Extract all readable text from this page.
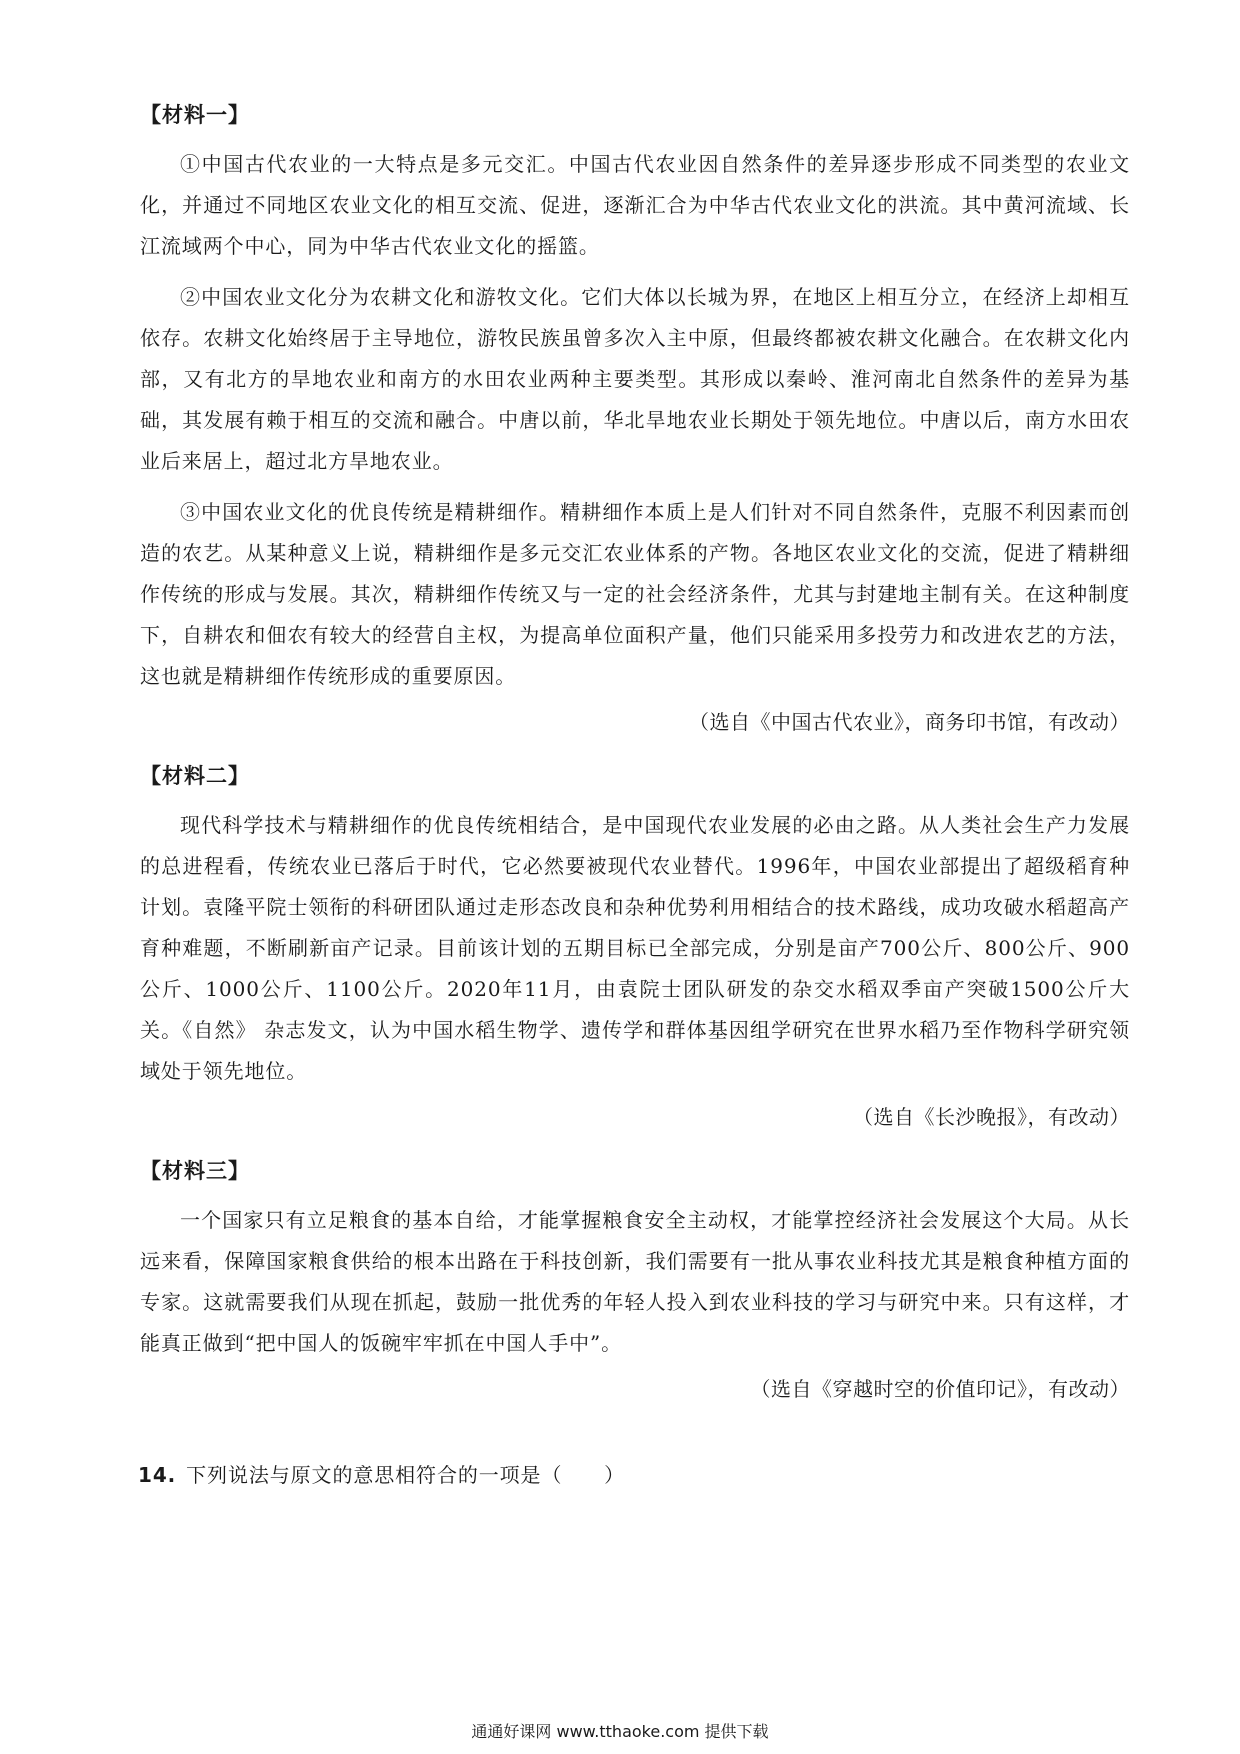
【材料一】

①中国古代农业的一大特点是多元交汇。中国古代农业因自然条件的差异逐步形成不同类型的农业文化，并通过不同地区农业文化的相互交流、促进，逐渐汇合为中华古代农业文化的洪流。其中黄河流域、长江流域两个中心，同为中华古代农业文化的摇篮。

②中国农业文化分为农耕文化和游牧文化。它们大体以长城为界，在地区上相互分立，在经济上却相互依存。农耕文化始终居于主导地位，游牧民族虽曾多次入主中原，但最终都被农耕文化融合。在农耕文化内部，又有北方的旱地农业和南方的水田农业两种主要类型。其形成以秦岭、淮河南北自然条件的差异为基础，其发展有赖于相互的交流和融合。中唐以前，华北旱地农业长期处于领先地位。中唐以后，南方水田农业后来居上，超过北方旱地农业。

③中国农业文化的优良传统是精耕细作。精耕细作本质上是人们针对不同自然条件，克服不利因素而创造的农艺。从某种意义上说，精耕细作是多元交汇农业体系的产物。各地区农业文化的交流，促进了精耕细作传统的形成与发展。其次，精耕细作传统又与一定的社会经济条件，尤其与封建地主制有关。在这种制度下，自耕农和佃农有较大的经营自主权，为提高单位面积产量，他们只能采用多投劳力和改进农艺的方法，这也就是精耕细作传统形成的重要原因。

（选自《中国古代农业》，商务印书馆，有改动）
【材料二】

现代科学技术与精耕细作的优良传统相结合，是中国现代农业发展的必由之路。从人类社会生产力发展的总进程看，传统农业已落后于时代，它必然要被现代农业替代。1996年，中国农业部提出了超级稻育种计划。袁隆平院士领衔的科研团队通过走形态改良和杂种优势利用相结合的技术路线，成功攻破水稻超高产育种难题，不断刷新亩产记录。目前该计划的五期目标已全部完成，分别是亩产700公斤、800公斤、900公斤、1000公斤、1100公斤。2020年11月，由袁院士团队研发的杂交水稻双季亩产突破1500公斤大关。《自然》 杂志发文，认为中国水稻生物学、遗传学和群体基因组学研究在世界水稻乃至作物科学研究领域处于领先地位。

（选自《长沙晚报》，有改动）
【材料三】

一个国家只有立足粮食的基本自给，才能掌握粮食安全主动权，才能掌控经济社会发展这个大局。从长远来看，保障国家粮食供给的根本出路在于科技创新，我们需要有一批从事农业科技尤其是粮食种植方面的专家。这就需要我们从现在抓起，鼓励一批优秀的年轻人投入到农业科技的学习与研究中来。只有这样，才能真正做到“把中国人的饭碗牢牢抓在中国人手中”。

（选自《穿越时空的价值印记》，有改动）
14. 下列说法与原文的意思相符合的一项是（　　）
通通好课网 www.tthaoke.com 提供下载
